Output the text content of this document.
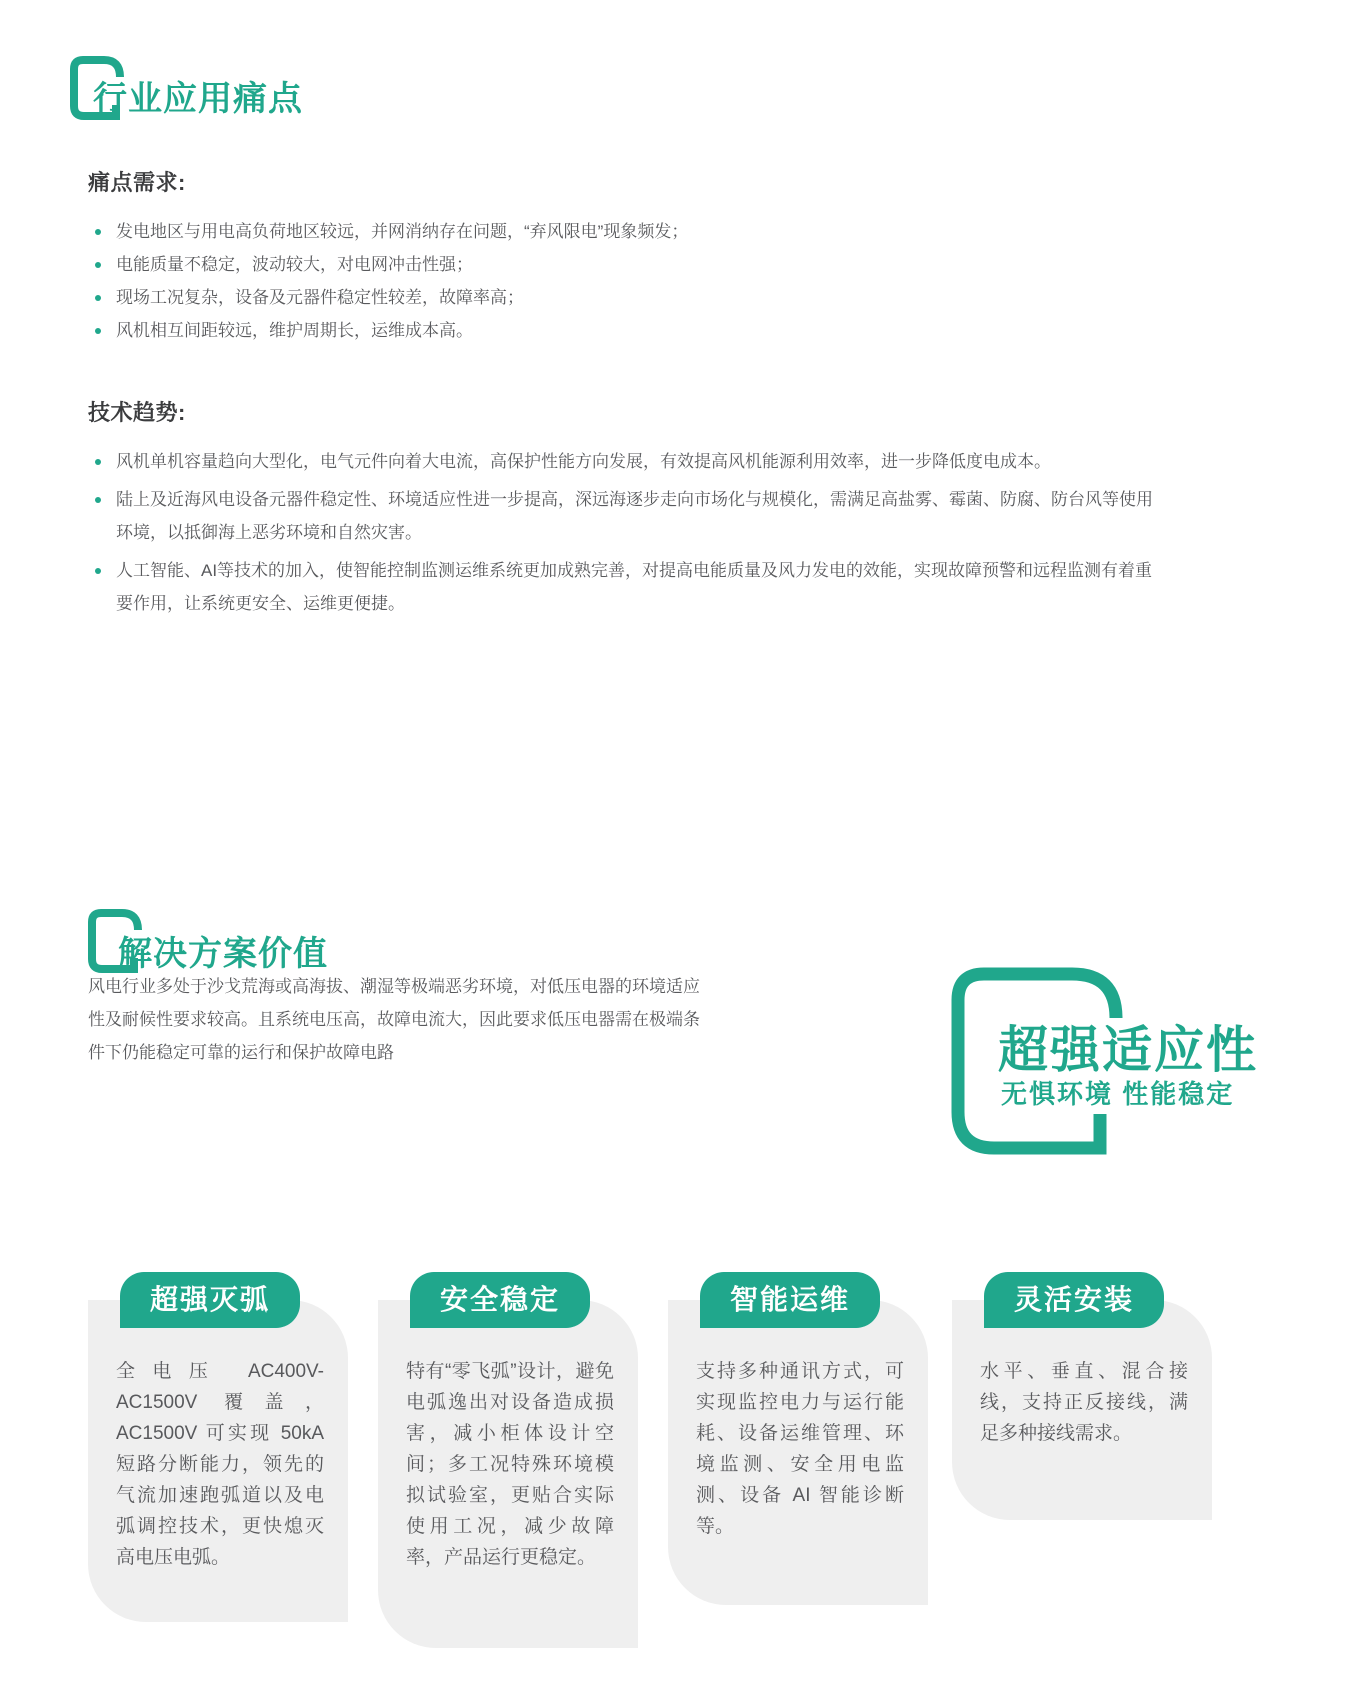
行业应用痛点
痛点需求:
发电地区与用电高负荷地区较远，并网消纳存在问题，“弃风限电”现象频发；
电能质量不稳定，波动较大，对电网冲击性强；
现场工况复杂，设备及元器件稳定性较差，故障率高；
风机相互间距较远，维护周期长，运维成本高。
技术趋势:
风机单机容量趋向大型化，电气元件向着大电流，高保护性能方向发展，有效提高风机能源利用效率，进一步降低度电成本。
陆上及近海风电设备元器件稳定性、环境适应性进一步提高，深远海逐步走向市场化与规模化，需满足高盐雾、霉菌、防腐、防台风等使用环境，以抵御海上恶劣环境和自然灾害。
人工智能、AI等技术的加入，使智能控制监测运维系统更加成熟完善，对提高电能质量及风力发电的效能，实现故障预警和远程监测有着重要作用，让系统更安全、运维更便捷。
解决方案价值

风电行业多处于沙戈荒海或高海拔、潮湿等极端恶劣环境，对低压电器的环境适应性及耐候性要求较高。且系统电压高，故障电流大，因此要求低压电器需在极端条件下仍能稳定可靠的运行和保护故障电路	超强适应性
无惧环境 性能稳定
超强灭弧

全电压 AC400V-AC1500V 覆盖，AC1500V 可实现 50kA 短路分断能力，领先的气流加速跑弧道以及电弧调控技术，更快熄灭高电压电弧。

安全稳定

特有“零飞弧”设计，避免电弧逸出对设备造成损害，减小柜体设计空间；多工况特殊环境模拟试验室，更贴合实际使用工况，减少故障率，产品运行更稳定。

智能运维

支持多种通讯方式，可实现监控电力与运行能耗、设备运维管理、环境监测、安全用电监测、设备 AI 智能诊断等。

灵活安装

水平、垂直、混合接线，支持正反接线，满足多种接线需求。
